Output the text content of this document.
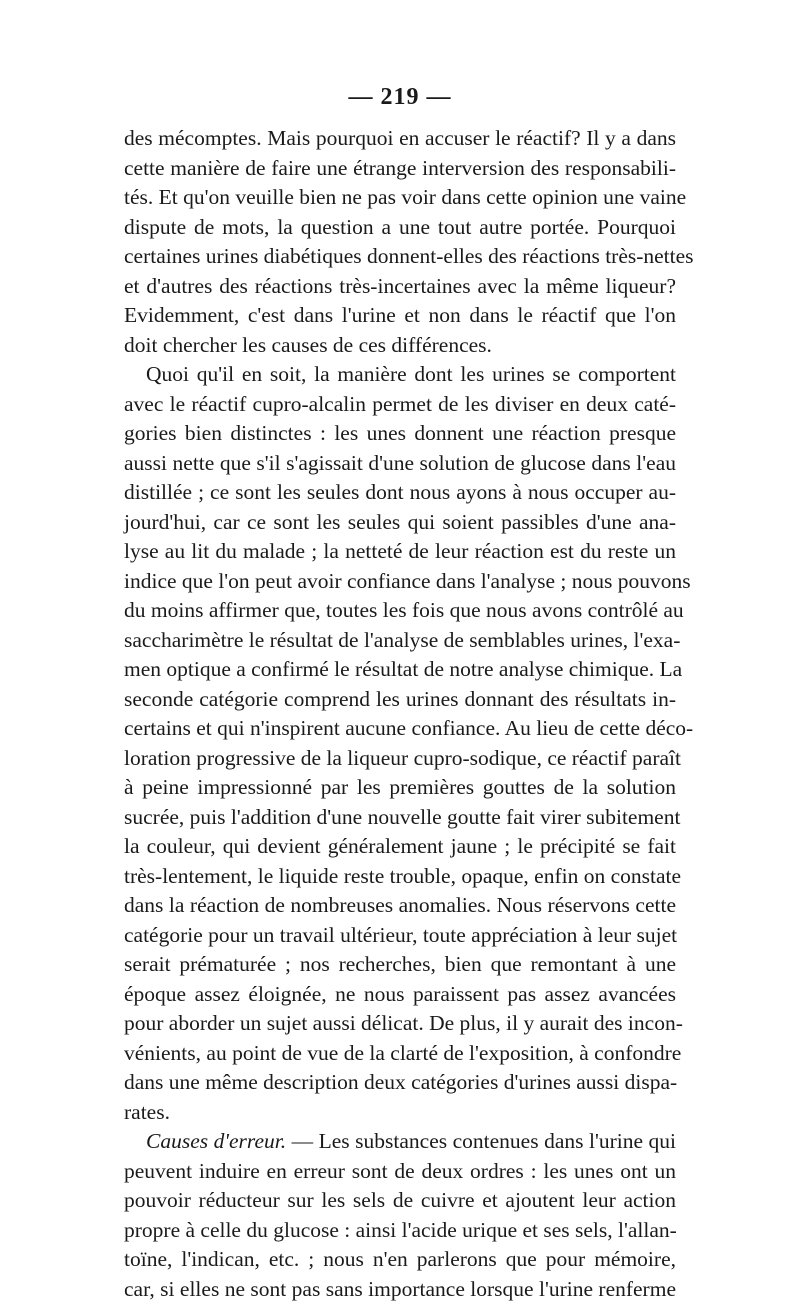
— 219 —
des mécomptes. Mais pourquoi en accuser le réactif? Il y a dans
cette manière de faire une étrange interversion des responsabili-
tés. Et qu'on veuille bien ne pas voir dans cette opinion une vaine
dispute de mots, la question a une tout autre portée. Pourquoi
certaines urines diabétiques donnent-elles des réactions très-nettes
et d'autres des réactions très-incertaines avec la même liqueur?
Evidemment, c'est dans l'urine et non dans le réactif que l'on
doit chercher les causes de ces différences.
Quoi qu'il en soit, la manière dont les urines se comportent
avec le réactif cupro-alcalin permet de les diviser en deux caté-
gories bien distinctes : les unes donnent une réaction presque
aussi nette que s'il s'agissait d'une solution de glucose dans l'eau
distillée ; ce sont les seules dont nous ayons à nous occuper au-
jourd'hui, car ce sont les seules qui soient passibles d'une ana-
lyse au lit du malade ; la netteté de leur réaction est du reste un
indice que l'on peut avoir confiance dans l'analyse ; nous pouvons
du moins affirmer que, toutes les fois que nous avons contrôlé au
saccharimètre le résultat de l'analyse de semblables urines, l'exa-
men optique a confirmé le résultat de notre analyse chimique. La
seconde catégorie comprend les urines donnant des résultats in-
certains et qui n'inspirent aucune confiance. Au lieu de cette déco-
loration progressive de la liqueur cupro-sodique, ce réactif paraît
à peine impressionné par les premières gouttes de la solution
sucrée, puis l'addition d'une nouvelle goutte fait virer subitement
la couleur, qui devient généralement jaune ; le précipité se fait
très-lentement, le liquide reste trouble, opaque, enfin on constate
dans la réaction de nombreuses anomalies. Nous réservons cette
catégorie pour un travail ultérieur, toute appréciation à leur sujet
serait prématurée ; nos recherches, bien que remontant à une
époque assez éloignée, ne nous paraissent pas assez avancées
pour aborder un sujet aussi délicat. De plus, il y aurait des incon-
vénients, au point de vue de la clarté de l'exposition, à confondre
dans une même description deux catégories d'urines aussi dispa-
rates.
Causes d'erreur. — Les substances contenues dans l'urine qui
peuvent induire en erreur sont de deux ordres : les unes ont un
pouvoir réducteur sur les sels de cuivre et ajoutent leur action
propre à celle du glucose : ainsi l'acide urique et ses sels, l'allan-
toïne, l'indican, etc. ; nous n'en parlerons que pour mémoire,
car, si elles ne sont pas sans importance lorsque l'urine renferme
